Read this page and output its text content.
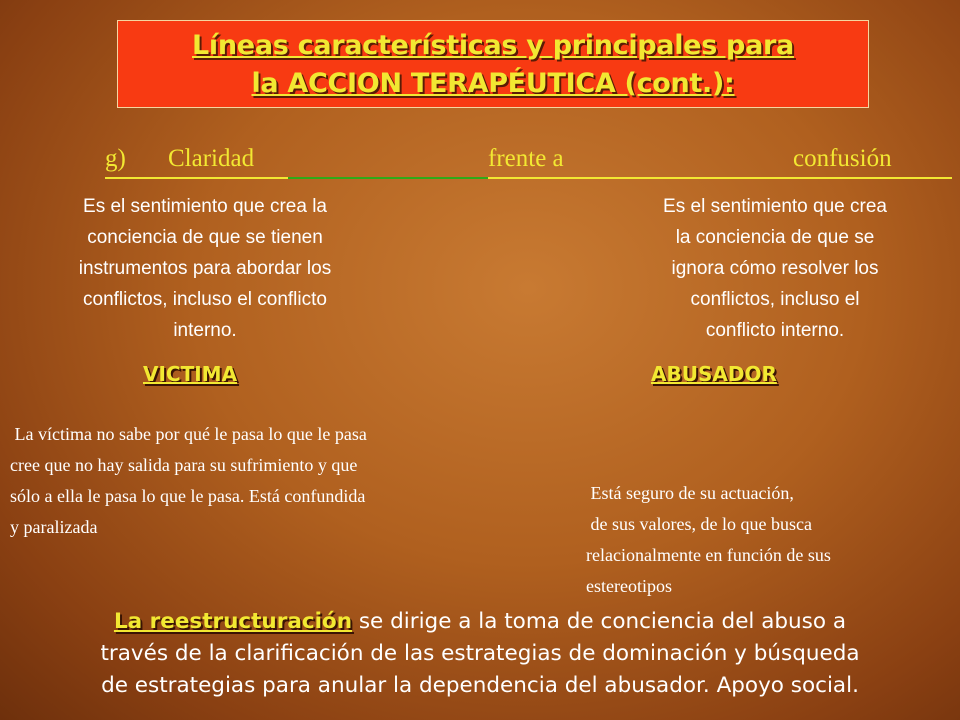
Líneas características y principales para
la ACCION TERAPÉUTICA (cont.):
g) Claridad	frente a	confusión
Es el sentimiento que crea la
conciencia de que se tienen
instrumentos para abordar los
conflictos, incluso el conflicto
interno.
Es el sentimiento que crea
la conciencia de que se
ignora cómo resolver los
conflictos, incluso el
conflicto interno.
VICTIMA	ABUSADOR
La víctima no sabe por qué le pasa lo que le pasa
cree que no hay salida para su sufrimiento y que
sólo a ella le pasa lo que le pasa. Está confundida
y paralizada
Está seguro de su actuación,
de sus valores, de lo que busca
relacionalmente en función de sus
estereotipos
La reestructuración se dirige a la toma de conciencia del abuso a
través de la clarificación de las estrategias de dominación y búsqueda
de estrategias para anular la dependencia del abusador. Apoyo social.
